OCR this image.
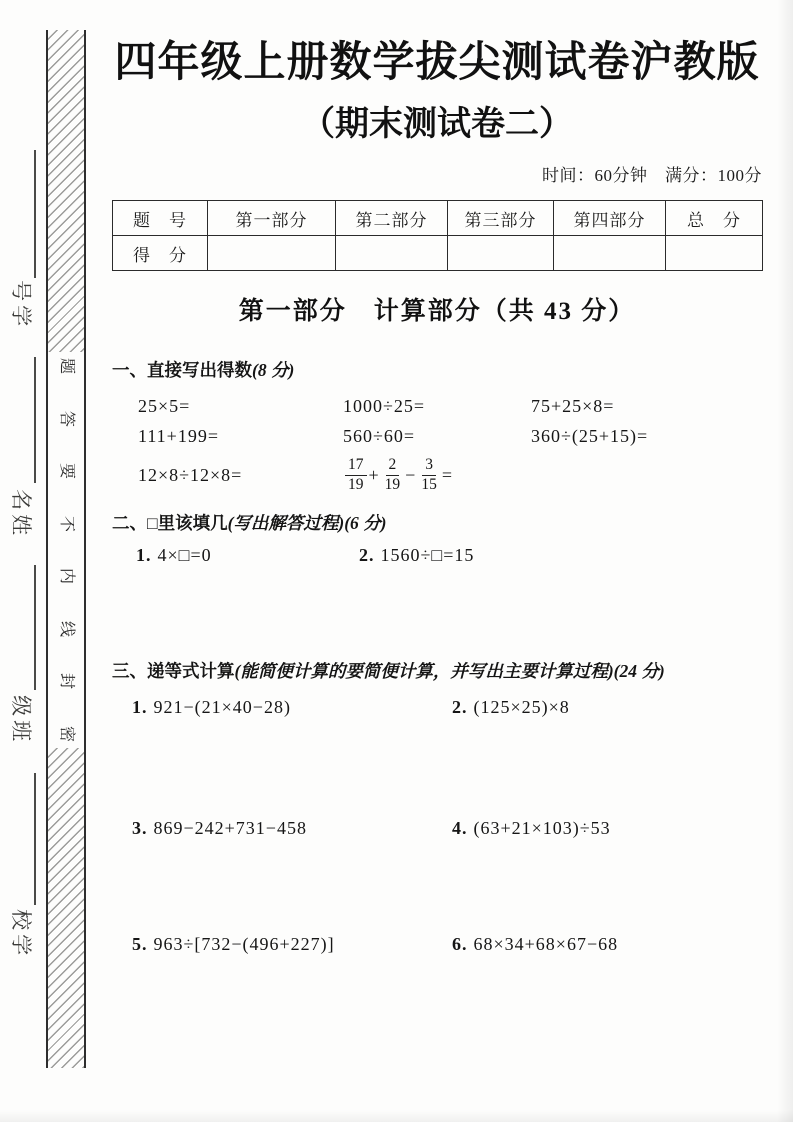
题
答
要
不
内
线
封
密
号
学
名
姓
级
班
校
学
四年级上册数学拔尖测试卷沪教版
（期末测试卷二）
时间：60分钟　满分：100分
题　号	第一部分	第二部分	第三部分	第四部分	总　分
得　分					
第一部分　计算部分（共 43 分）
一、直接写出得数(8 分)
25×5=	1000÷25=	75+25×8=
111+199=	560÷60=	360÷(25+15)=
12×8÷12×8=	$\frac{17}{19} + \frac{2}{19} - \frac{3}{15}$ =
二、□里该填几(写出解答过程)(6 分)
1. 4×□=0	2. 1560÷□=15
三、递等式计算(能简便计算的要简便计算，并写出主要计算过程)(24 分)
1. 921−(21×40−28)	2. (125×25)×8
3. 869−242+731−458	4. (63+21×103)÷53
5. 963÷[732−(496+227)]	6. 68×34+68×67−68
